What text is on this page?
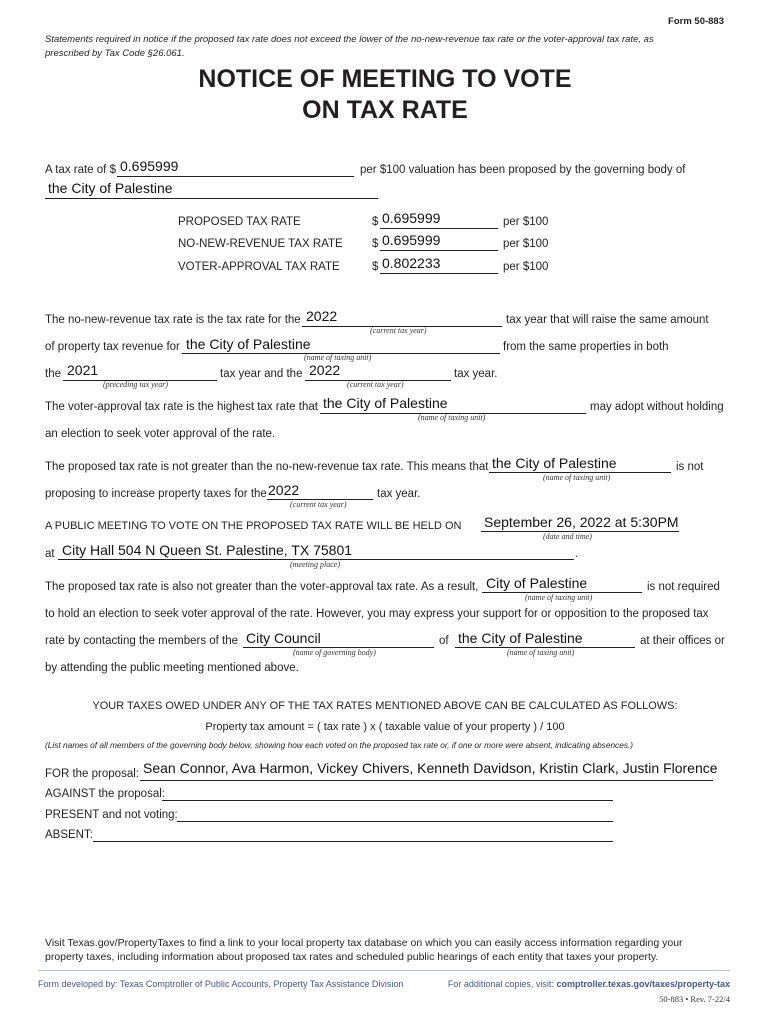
Form 50-883
Statements required in notice if the proposed tax rate does not exceed the lower of the no-new-revenue tax rate or the voter-approval tax rate, as prescribed by Tax Code §26.061.
NOTICE OF MEETING TO VOTE
ON TAX RATE
A tax rate of $ 0.695999	per $100 valuation has been proposed by the governing body of
the City of Palestine
PROPOSED TAX RATE	$ 0.695999	per $100
NO-NEW-REVENUE TAX RATE	$ 0.695999	per $100
VOTER-APPROVAL TAX RATE	$ 0.802233	per $100
The no-new-revenue tax rate is the tax rate for the 2022
(current tax year)
tax year that will raise the same amount
of property tax revenue for the City of Palestine
(name of taxing unit)
from the same properties in both
the 2021
(preceding tax year)
tax year and the 2022
(current tax year)
tax year.
The voter-approval tax rate is the highest tax rate that the City of Palestine
(name of taxing unit)
may adopt without holding
an election to seek voter approval of the rate.
The proposed tax rate is not greater than the no-new-revenue tax rate. This means that the City of Palestine
(name of taxing unit)
is not
proposing to increase property taxes for the 2022
(current tax year)
tax year.
A PUBLIC MEETING TO VOTE ON THE PROPOSED TAX RATE WILL BE HELD ON September 26, 2022 at 5:30PM
(date and time)
at City Hall 504 N Queen St. Palestine, TX 75801	.
(meeting place)
The proposed tax rate is also not greater than the voter-approval tax rate. As a result, City of Palestine
(name of taxing unit)
is not required
to hold an election to seek voter approval of the rate. However, you may express your support for or opposition to the proposed tax
rate by contacting the members of the City Council
(name of governing body)
of the City of Palestine
(name of taxing unit)
at their offices or
by attending the public meeting mentioned above.
YOUR TAXES OWED UNDER ANY OF THE TAX RATES MENTIONED ABOVE CAN BE CALCULATED AS FOLLOWS:
Property tax amount = ( tax rate ) x ( taxable value of your property ) / 100
(List names of all members of the governing body below, showing how each voted on the proposed tax rate or, if one or more were absent, indicating absences.)
FOR the proposal: Sean Connor, Ava Harmon, Vickey Chivers, Kenneth Davidson, Kristin Clark, Justin Florence
AGAINST the proposal:
PRESENT and not voting:
ABSENT:
Visit Texas.gov/PropertyTaxes to find a link to your local property tax database on which you can easily access information regarding your
property taxes, including information about proposed tax rates and scheduled public hearings of each entity that taxes your property.
Form developed by: Texas Comptroller of Public Accounts, Property Tax Assistance Division	For additional copies, visit: comptroller.texas.gov/taxes/property-tax
50-883 • Rev. 7-22/4
